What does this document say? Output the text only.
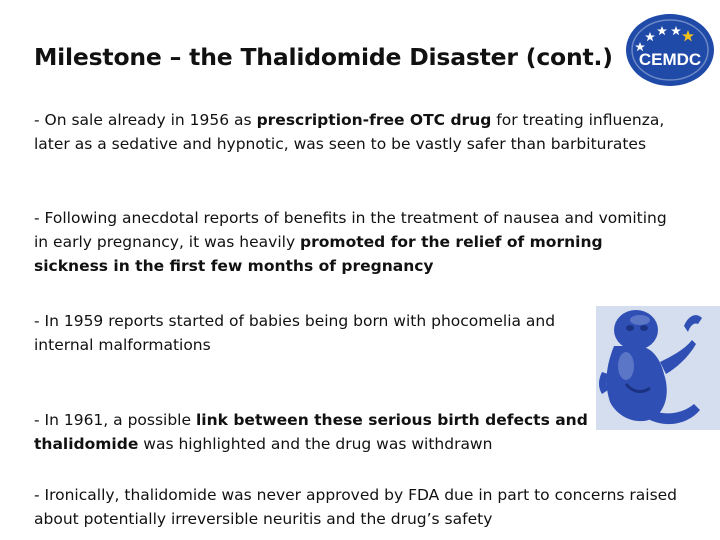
Milestone – the Thalidomide Disaster (cont.) CEMDC

- On sale already in 1956 as prescription-free OTC drug for treating influenza, later as a sedative and hypnotic, was seen to be vastly safer than barbiturates

- Following anecdotal reports of benefits in the treatment of nausea and vomiting in early pregnancy, it was heavily promoted for the relief of morning sickness in the first few months of pregnancy

- In 1959 reports started of babies being born with phocomelia and internal malformations

- In 1961, a possible link between these serious birth defects and thalidomide was highlighted and the drug was withdrawn

- Ironically, thalidomide was never approved by FDA due in part to concerns raised about potentially irreversible neuritis and the drug’s safety
